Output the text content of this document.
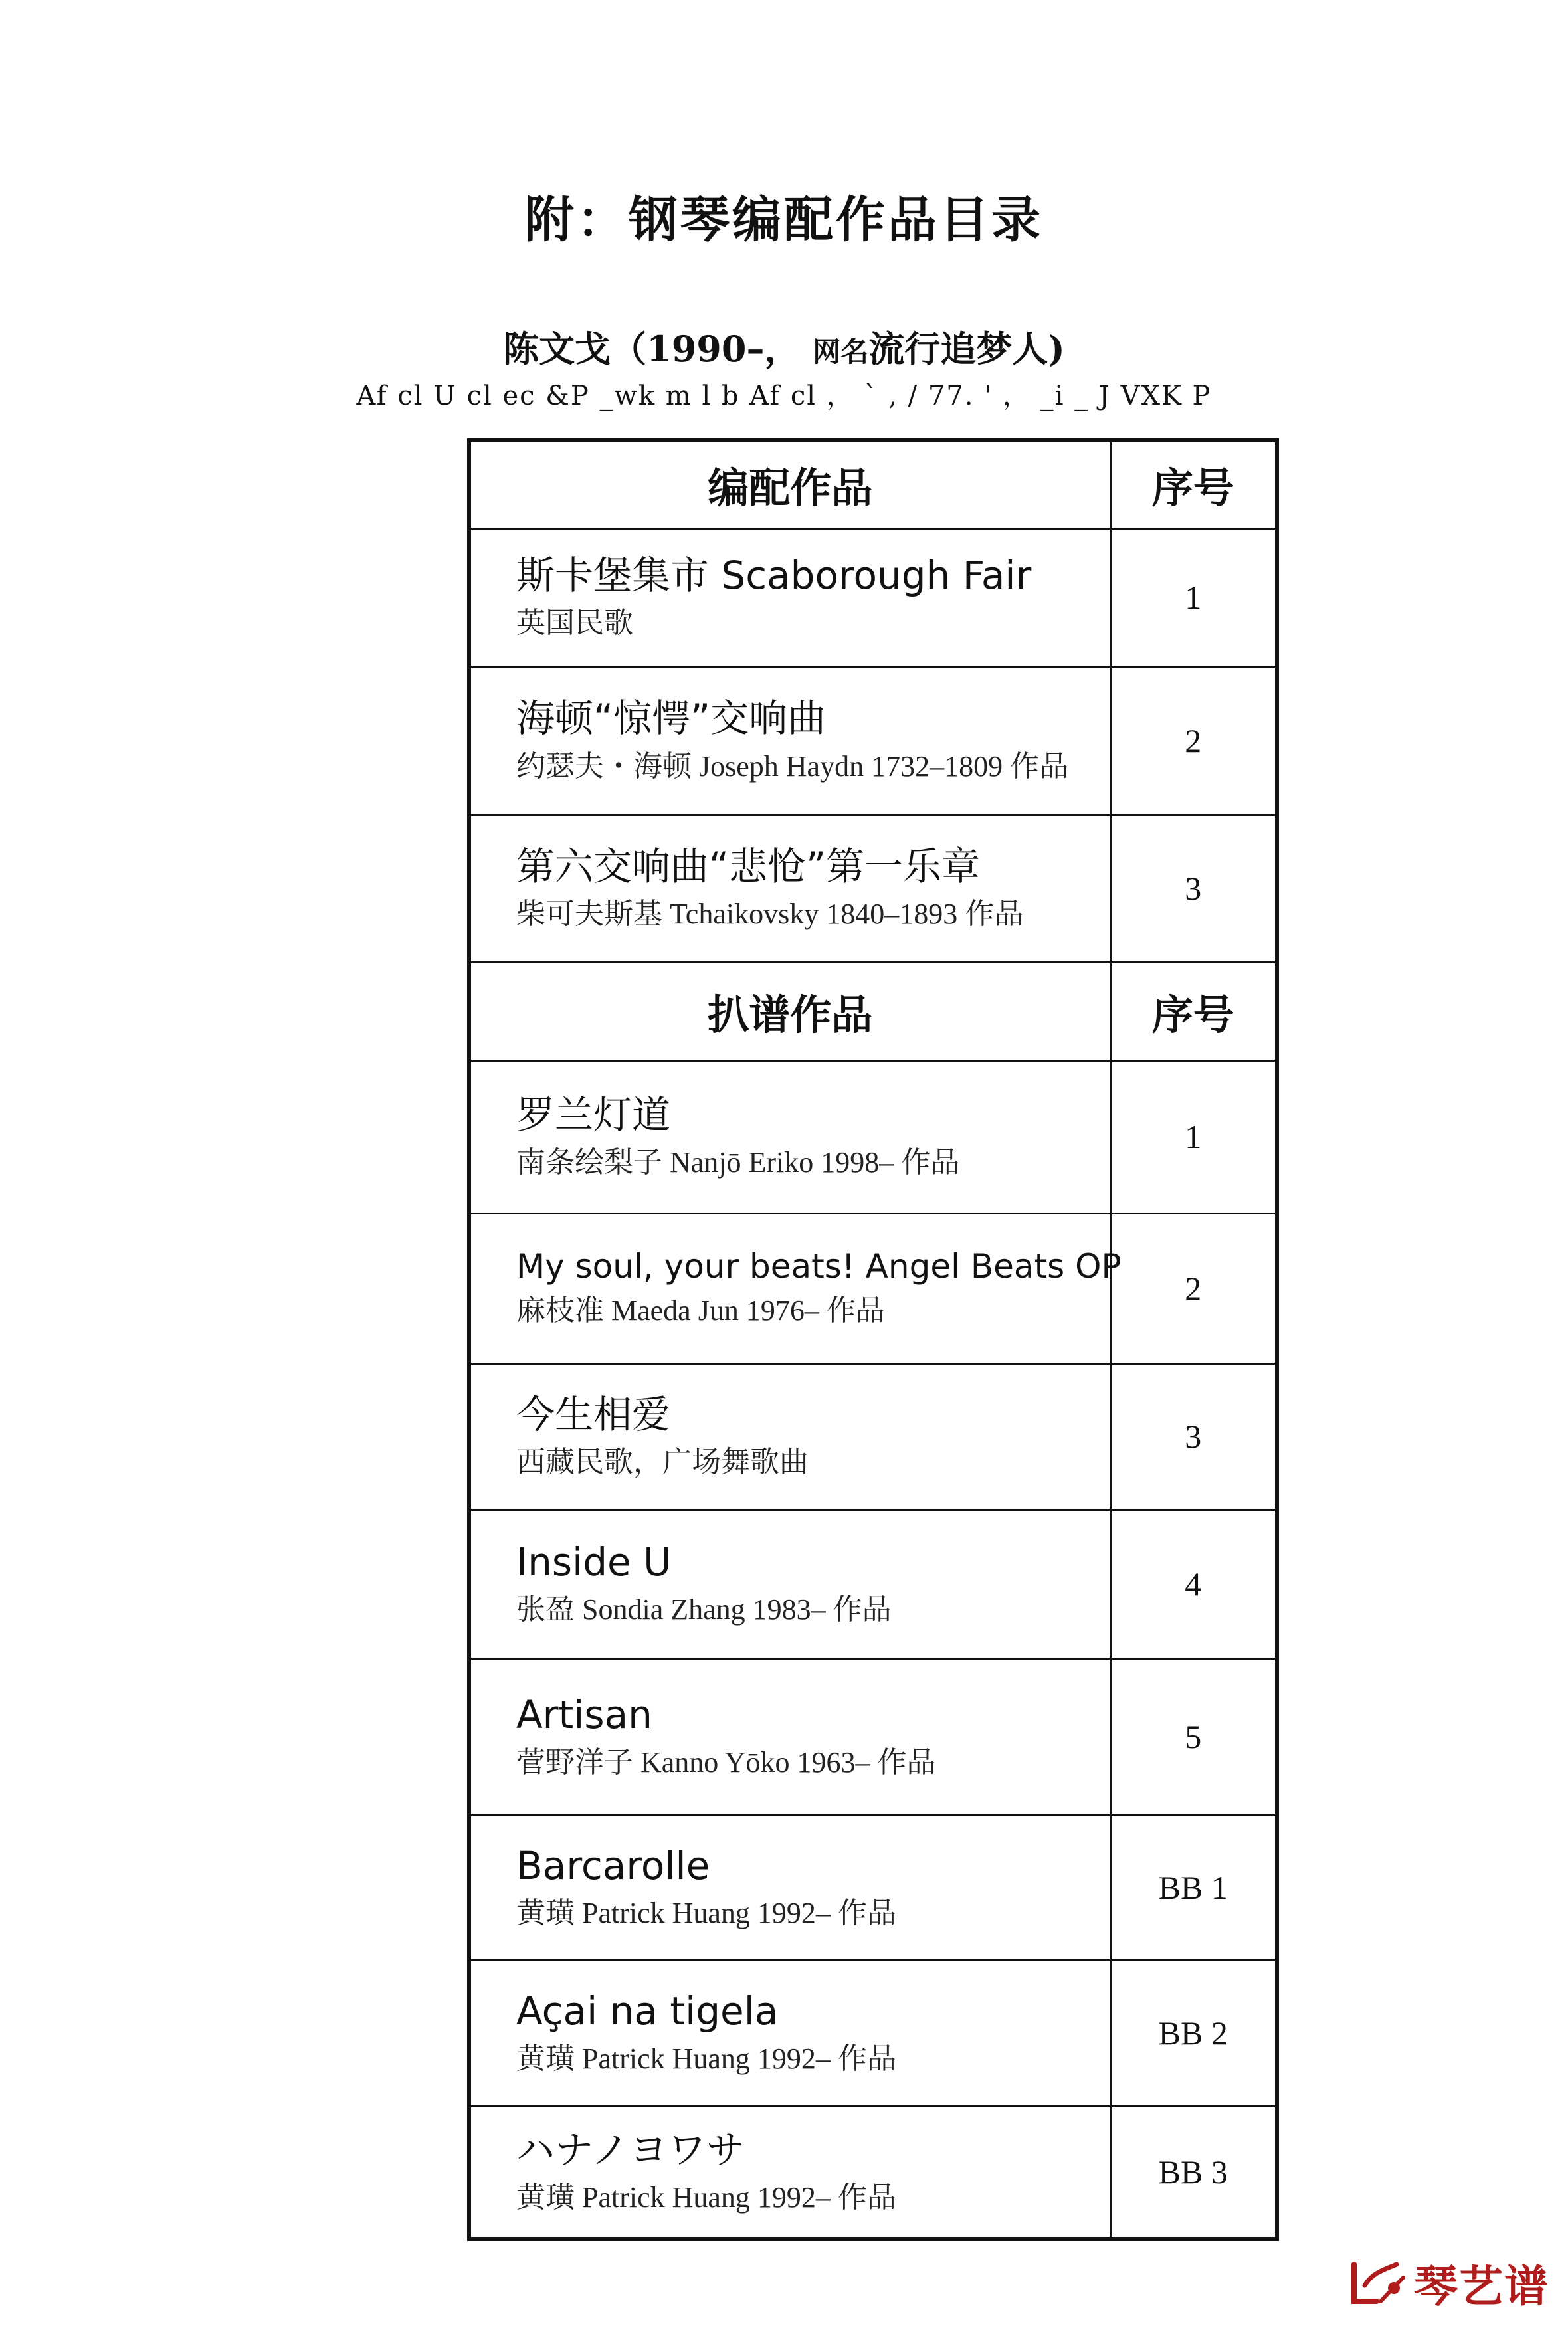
附：钢琴编配作品目录
陈文戈（1990–， 网名流行追梦人)
Af cl U cl ec &P _wk m l b Af cl ， ` , / 77. ' ， _i _ J VXK P
编配作品	序号

斯卡堡集市 Scaborough Fair
英国民歌	1

海顿“惊愕”交响曲
约瑟夫・海顿 Joseph Haydn 1732–1809 作品	2

第六交响曲“悲怆”第一乐章
柴可夫斯基 Tchaikovsky 1840–1893 作品	3
扒谱作品	序号

罗兰灯道
南条绘梨子 Nanjō Eriko 1998– 作品	1

My soul, your beats! Angel Beats OP
麻枝准 Maeda Jun 1976– 作品	2

今生相爱
西藏民歌，广场舞歌曲	3

Inside U
张盈 Sondia Zhang 1983– 作品	4

Artisan
菅野洋子 Kanno Yōko 1963– 作品	5

Barcarolle
黄璜 Patrick Huang 1992– 作品	BB 1

Açai na tigela
黄璜 Patrick Huang 1992– 作品	BB 2

ハナノヨワサ
黄璜 Patrick Huang 1992– 作品	BB 3
琴艺谱
